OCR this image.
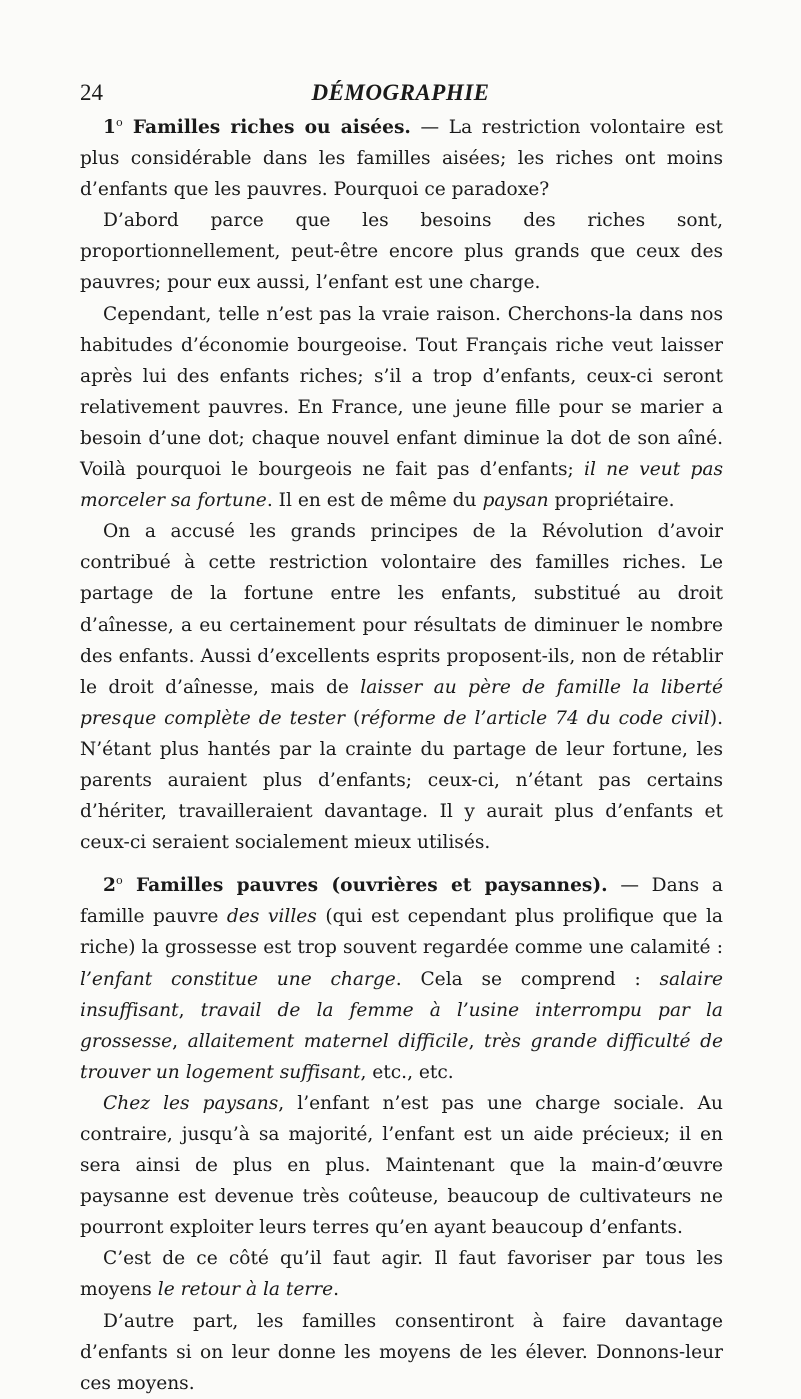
24	DÉMOGRAPHIE

1$^o$ Familles riches ou aisées. — La restriction volontaire est plus considérable dans les familles aisées; les riches ont moins d’enfants que les pauvres. Pourquoi ce paradoxe?

D’abord parce que les besoins des riches sont, proportionnellement, peut-être encore plus grands que ceux des pauvres; pour eux aussi, l’enfant est une charge.

Cependant, telle n’est pas la vraie raison. Cherchons-la dans nos habitudes d’économie bourgeoise. Tout Français riche veut laisser après lui des enfants riches; s’il a trop d’enfants, ceux-ci seront relativement pauvres. En France, une jeune fille pour se marier a besoin d’une dot; chaque nouvel enfant diminue la dot de son aîné. Voilà pourquoi le bourgeois ne fait pas d’enfants; il ne veut pas morceler sa fortune. Il en est de même du paysan propriétaire.

On a accusé les grands principes de la Révolution d’avoir contribué à cette restriction volontaire des familles riches. Le partage de la fortune entre les enfants, substitué au droit d’aînesse, a eu certainement pour résultats de diminuer le nombre des enfants. Aussi d’excellents esprits proposent-ils, non de rétablir le droit d’aînesse, mais de laisser au père de famille la liberté presque complète de tester (réforme de l’article 74 du code civil). N’étant plus hantés par la crainte du partage de leur fortune, les parents auraient plus d’enfants; ceux-ci, n’étant pas certains d’hériter, travailleraient davantage. Il y aurait plus d’enfants et ceux-ci seraient socialement mieux utilisés.

2$^o$ Familles pauvres (ouvrières et paysannes). — Dans a famille pauvre des villes (qui est cependant plus prolifique que la riche) la grossesse est trop souvent regardée comme une calamité : l’enfant constitue une charge. Cela se comprend : salaire insuffisant, travail de la femme à l’usine interrompu par la grossesse, allaitement maternel difficile, très grande difficulté de trouver un logement suffisant, etc., etc.

Chez les paysans, l’enfant n’est pas une charge sociale. Au contraire, jusqu’à sa majorité, l’enfant est un aide précieux; il en sera ainsi de plus en plus. Maintenant que la main-d’œuvre paysanne est devenue très coûteuse, beaucoup de cultivateurs ne pourront exploiter leurs terres qu’en ayant beaucoup d’enfants.

C’est de ce côté qu’il faut agir. Il faut favoriser par tous les moyens le retour à la terre.

D’autre part, les familles consentiront à faire davantage d’enfants si on leur donne les moyens de les élever. Donnons-leur ces moyens.
